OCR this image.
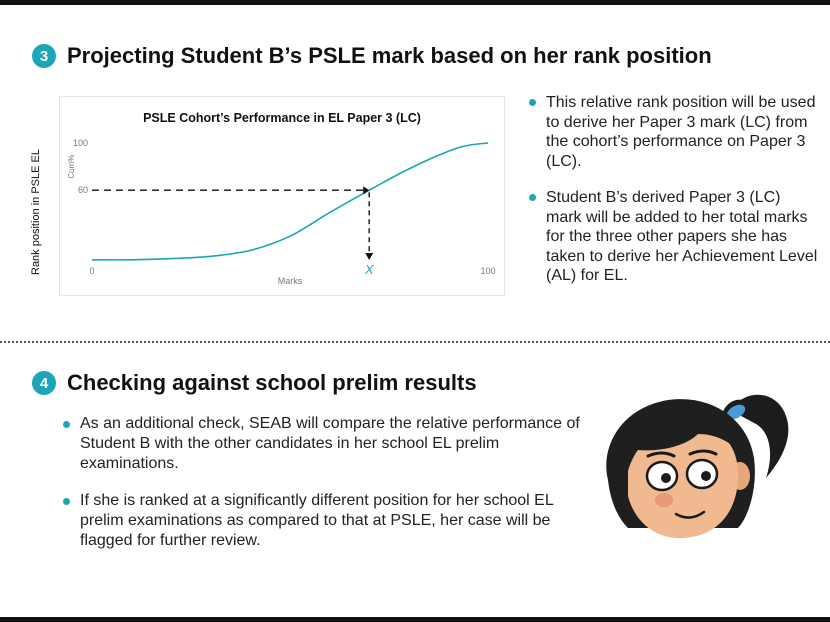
3 Projecting Student B’s PSLE mark based on her rank position
Rank position in PSLE EL
PSLE Cohort’s Performance in EL Paper 3 (LC)
100
60
Cum%
0	100
Marks
X
This relative rank position will be used to derive her Paper 3 mark (LC) from the cohort’s performance on Paper 3 (LC).
Student B’s derived Paper 3 (LC) mark will be added to her total marks for the three other papers she has taken to derive her Achievement Level (AL) for EL.
4 Checking against school prelim results
As an additional check, SEAB will compare the relative performance of Student B with the other candidates in her school EL prelim examinations.
If she is ranked at a significantly different position for her school EL prelim examinations as compared to that at PSLE, her case will be flagged for further review.
